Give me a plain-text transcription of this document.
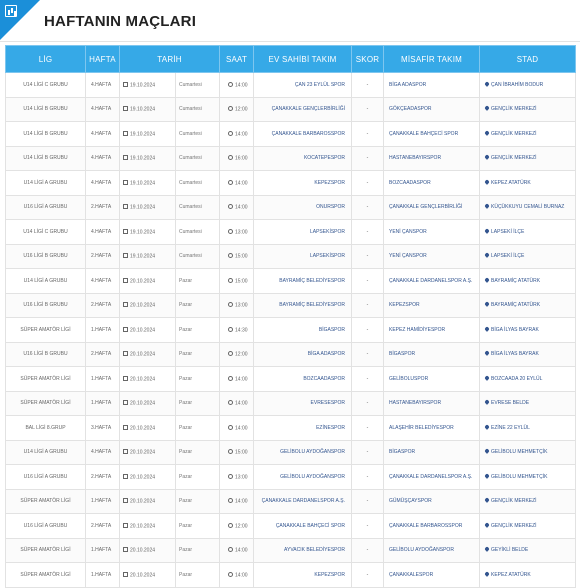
HAFTANIN MAÇLARI
LİG	HAFTA	TARİH		SAAT	EV SAHİBİ TAKIM	SKOR	MİSAFİR TAKIM	STAD
U14 LİGİ C GRUBU	4.HAFTA	19.10.2024	Cumartesi	14:00	ÇAN 23 EYLÜL SPOR	-	BİGA ADASPOR	ÇAN İBRAHİM BODUR
U14 LİGİ B GRUBU	4.HAFTA	19.10.2024	Cumartesi	12:00	ÇANAKKALE GENÇLERBİRLİĞİ	-	GÖKÇEADASPOR	GENÇLİK MERKEZİ
U14 LİGİ B GRUBU	4.HAFTA	19.10.2024	Cumartesi	14:00	ÇANAKKALE BARBAROSSPOR	-	ÇANAKKALE BAHÇECİ SPOR	GENÇLİK MERKEZİ
U14 LİGİ B GRUBU	4.HAFTA	19.10.2024	Cumartesi	16:00	KOCATEPESPOR	-	HASTANEBAYIRSPOR	GENÇLİK MERKEZİ
U14 LİGİ A GRUBU	4.HAFTA	19.10.2024	Cumartesi	14:00	KEPEZSPOR	-	BOZCAADASPOR	KEPEZ ATATÜRK
U16 LİGİ A GRUBU	2.HAFTA	19.10.2024	Cumartesi	14:00	ONURSPOR	-	ÇANAKKALE GENÇLERBİRLİĞİ	KÜÇÜKKUYU CEMALİ BURNAZ
U14 LİGİ C GRUBU	4.HAFTA	19.10.2024	Cumartesi	13:00	LAPSEKİSPOR	-	YENİ ÇANSPOR	LAPSEKİ İLÇE
U16 LİGİ B GRUBU	2.HAFTA	19.10.2024	Cumartesi	15:00	LAPSEKİSPOR	-	YENİ ÇANSPOR	LAPSEKİ İLÇE
U14 LİGİ A GRUBU	4.HAFTA	20.10.2024	Pazar	15:00	BAYRAMİÇ BELEDİYESPOR	-	ÇANAKKALE DARDANELSPOR A.Ş.	BAYRAMİÇ ATATÜRK
U16 LİGİ B GRUBU	2.HAFTA	20.10.2024	Pazar	13:00	BAYRAMİÇ BELEDİYESPOR	-	KEPEZSPOR	BAYRAMİÇ ATATÜRK
SÜPER AMATÖR LİGİ	1.HAFTA	20.10.2024	Pazar	14:30	BİGASPOR	-	KEPEZ HAMİDİYESPOR	BİGA İLYAS BAYRAK
U16 LİGİ B GRUBU	2.HAFTA	20.10.2024	Pazar	12:00	BİGA ADASPOR	-	BİGASPOR	BİGA İLYAS BAYRAK
SÜPER AMATÖR LİGİ	1.HAFTA	20.10.2024	Pazar	14:00	BOZCAADASPOR	-	GELİBOLUSPOR	BOZCAADA 20 EYLÜL
SÜPER AMATÖR LİGİ	1.HAFTA	20.10.2024	Pazar	14:00	EVRESESPOR	-	HASTANEBAYIRSPOR	EVRESE BELDE
BAL LİGİ 8.GRUP	3.HAFTA	20.10.2024	Pazar	14:00	EZİNESPOR	-	ALAŞEHİR BELEDİYESPOR	EZİNE 22 EYLÜL
U14 LİGİ A GRUBU	4.HAFTA	20.10.2024	Pazar	15:00	GELİBOLU AYDOĞANSPOR	-	BİGASPOR	GELİBOLU MEHMETÇİK
U16 LİGİ A GRUBU	2.HAFTA	20.10.2024	Pazar	13:00	GELİBOLU AYDOĞANSPOR	-	ÇANAKKALE DARDANELSPOR A.Ş.	GELİBOLU MEHMETÇİK
SÜPER AMATÖR LİGİ	1.HAFTA	20.10.2024	Pazar	14:00	ÇANAKKALE DARDANELSPOR A.Ş.	-	GÜMÜŞÇAYSPOR	GENÇLİK MERKEZİ
U16 LİGİ A GRUBU	2.HAFTA	20.10.2024	Pazar	12:00	ÇANAKKALE BAHÇECİ SPOR	-	ÇANAKKALE BARBAROSSPOR	GENÇLİK MERKEZİ
SÜPER AMATÖR LİGİ	1.HAFTA	20.10.2024	Pazar	14:00	AYVACIK BELEDİYESPOR	-	GELİBOLU AYDOĞANSPOR	GEYİKLİ BELDE
SÜPER AMATÖR LİGİ	1.HAFTA	20.10.2024	Pazar	14:00	KEPEZSPOR	-	ÇANAKKALESPOR	KEPEZ ATATÜRK
